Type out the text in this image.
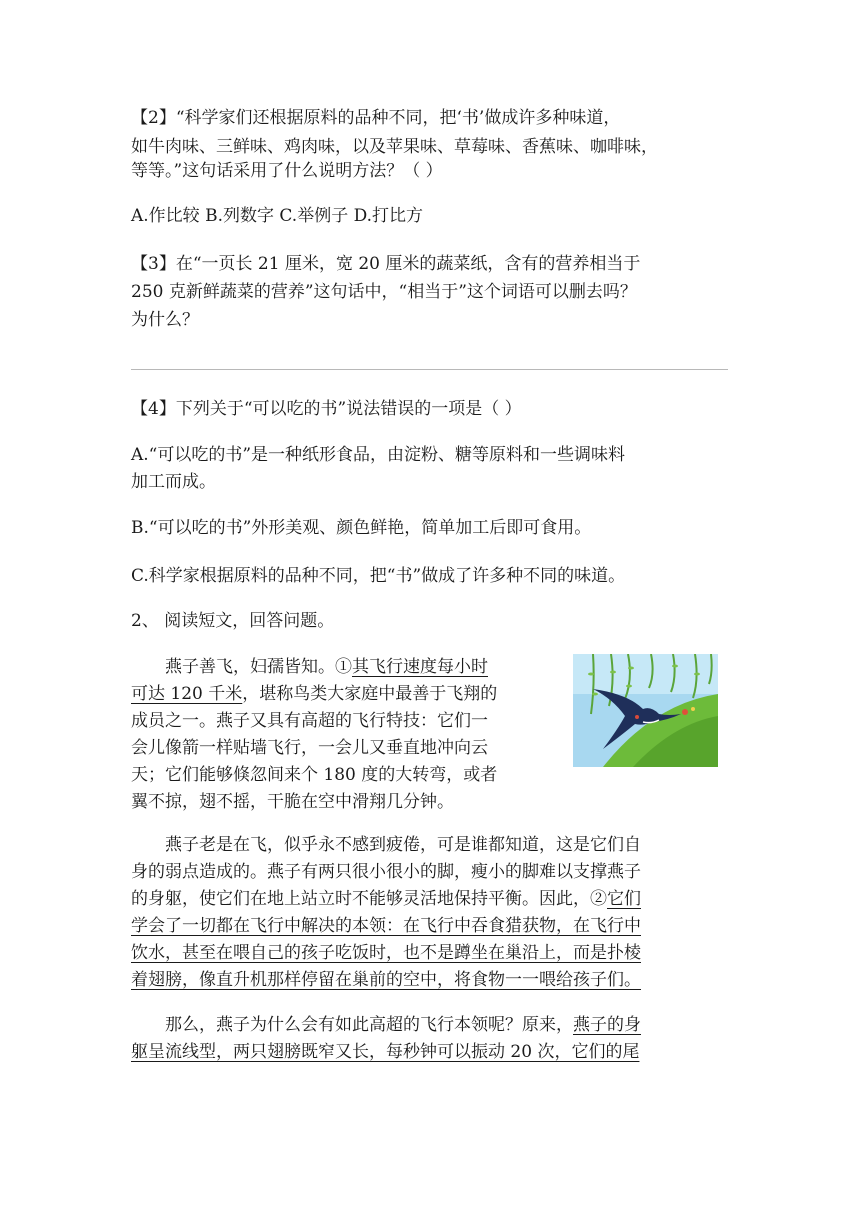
【2】“科学家们还根据原料的品种不同，把‘书’做成许多种味道，
如牛肉味、三鲜味、鸡肉味，以及苹果味、草莓味、香蕉味、咖啡味，
等等。”这句话采用了什么说明方法？（ ）
A.作比较 B.列数字 C.举例子 D.打比方
【3】在“一页长 21 厘米，宽 20 厘米的蔬菜纸，含有的营养相当于
250 克新鲜蔬菜的营养”这句话中，“相当于”这个词语可以删去吗？
为什么？
【4】下列关于“可以吃的书”说法错误的一项是（ ）
A.“可以吃的书”是一种纸形食品，由淀粉、糖等原料和一些调味料
加工而成。
B.“可以吃的书”外形美观、颜色鲜艳，简单加工后即可食用。
C.科学家根据原料的品种不同，把“书”做成了许多种不同的味道。
2、 阅读短文，回答问题。
燕子善飞，妇孺皆知。①其飞行速度每小时
可达 120 千米，堪称鸟类大家庭中最善于飞翔的
成员之一。燕子又具有高超的飞行特技：它们一
会儿像箭一样贴墙飞行，一会儿又垂直地冲向云
天；它们能够倏忽间来个 180 度的大转弯，或者
翼不掠，翅不摇，干脆在空中滑翔几分钟。
燕子老是在飞，似乎永不感到疲倦，可是谁都知道，这是它们自
身的弱点造成的。燕子有两只很小很小的脚，瘦小的脚难以支撑燕子
的身躯，使它们在地上站立时不能够灵活地保持平衡。因此，②它们
学会了一切都在飞行中解决的本领：在飞行中吞食猎获物，在飞行中
饮水，甚至在喂自己的孩子吃饭时，也不是蹲坐在巢沿上，而是扑棱
着翅膀，像直升机那样停留在巢前的空中，将食物一一喂给孩子们。
那么，燕子为什么会有如此高超的飞行本领呢？原来，燕子的身
躯呈流线型，两只翅膀既窄又长，每秒钟可以振动 20 次，它们的尾
